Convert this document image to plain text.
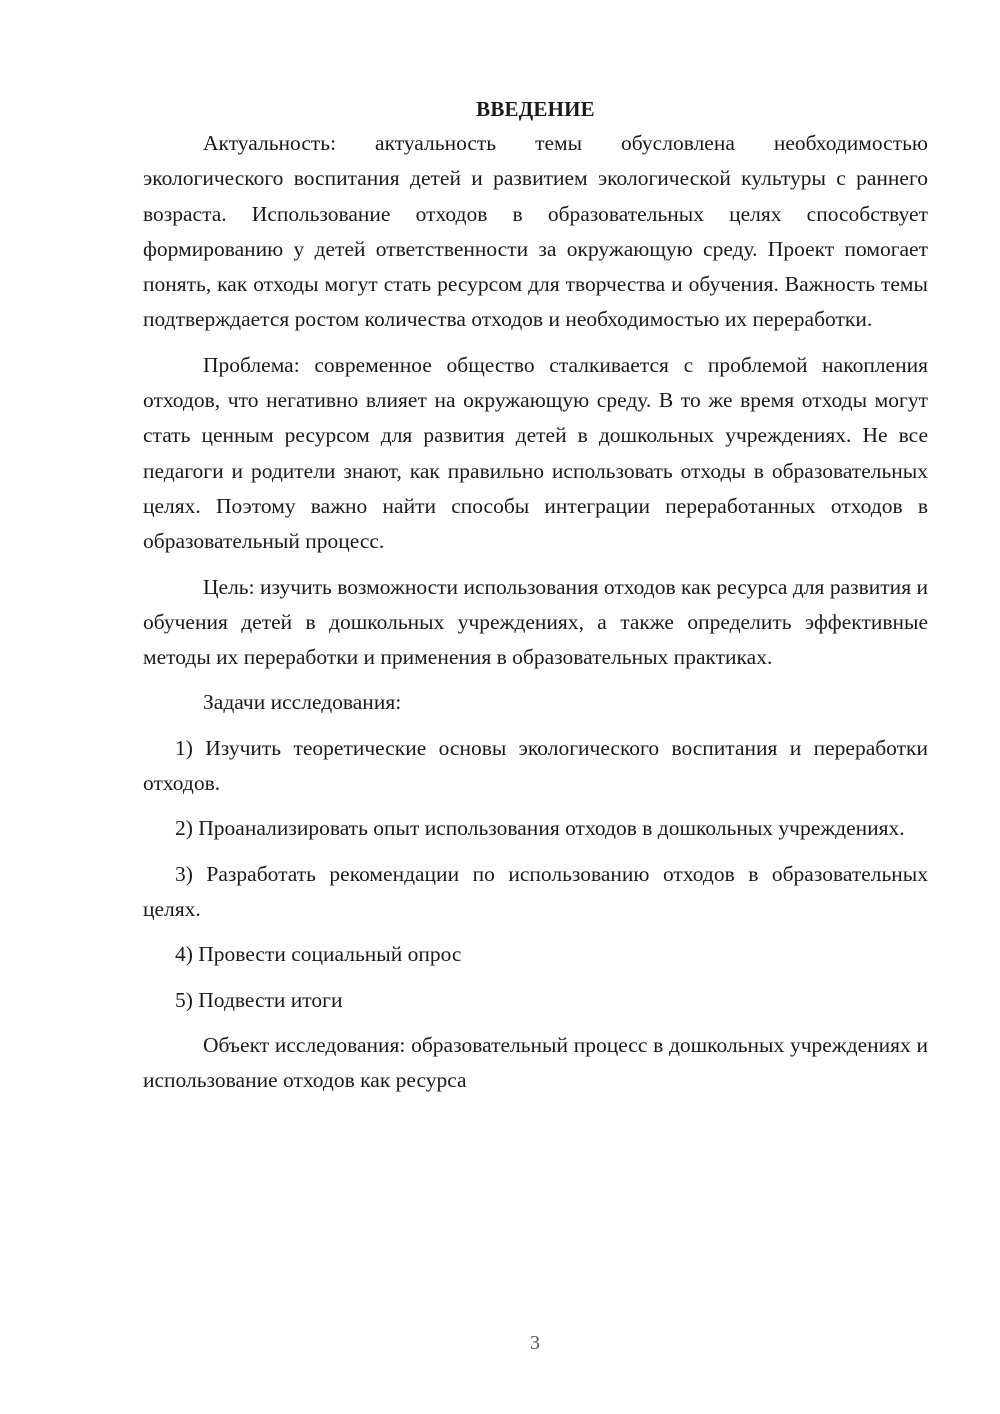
ВВЕДЕНИЕ

Актуальность: актуальность темы обусловлена необходимостью экологического воспитания детей и развитием экологической культуры с раннего возраста. Использование отходов в образовательных целях способствует формированию у детей ответственности за окружающую среду. Проект помогает понять, как отходы могут стать ресурсом для творчества и обучения. Важность темы подтверждается ростом количества отходов и необходимостью их переработки.

Проблема: современное общество сталкивается с проблемой накопления отходов, что негативно влияет на окружающую среду. В то же время отходы могут стать ценным ресурсом для развития детей в дошкольных учреждениях. Не все педагоги и родители знают, как правильно использовать отходы в образовательных целях. Поэтому важно найти способы интеграции переработанных отходов в образовательный процесс.

Цель: изучить возможности использования отходов как ресурса для развития и обучения детей в дошкольных учреждениях, а также определить эффективные методы их переработки и применения в образовательных практиках.

Задачи исследования:

1) Изучить теоретические основы экологического воспитания и переработки отходов.

2) Проанализировать опыт использования отходов в дошкольных учреждениях.

3) Разработать рекомендации по использованию отходов в образовательных целях.

4) Провести социальный опрос

5) Подвести итоги

Объект исследования: образовательный процесс в дошкольных учреждениях и использование отходов как ресурса

3
